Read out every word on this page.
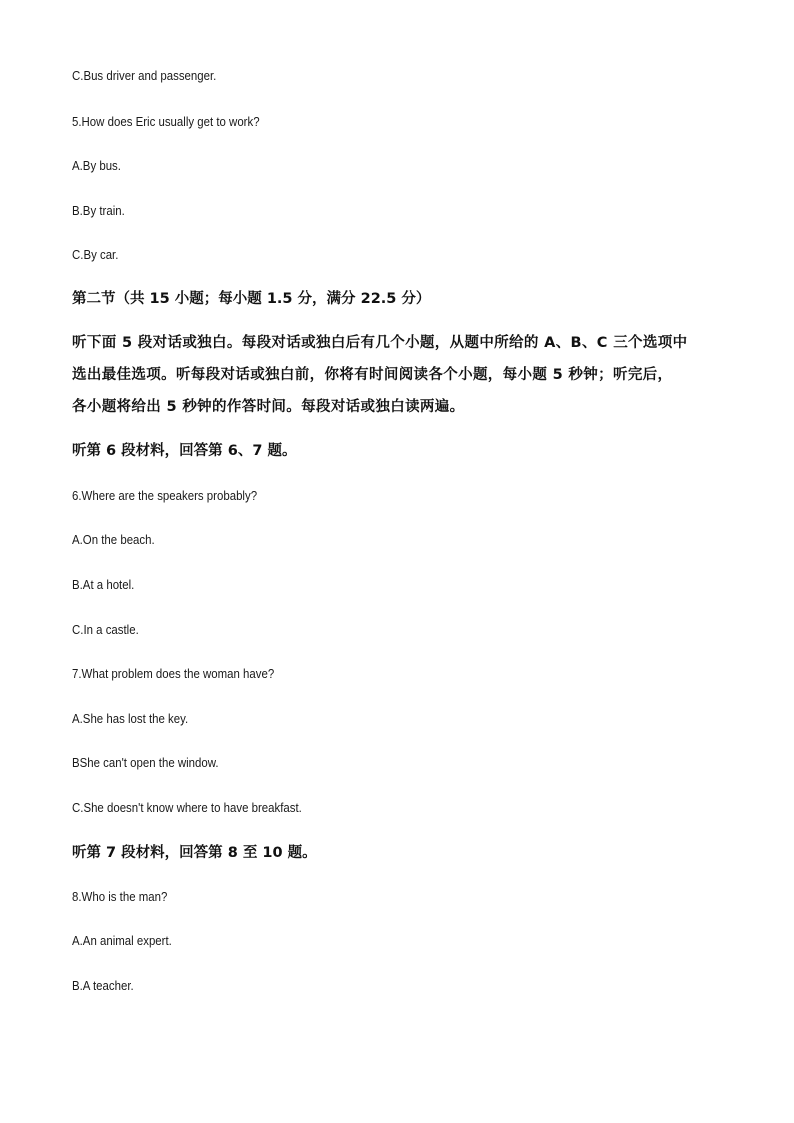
C.Bus driver and passenger.
5.How does Eric usually get to work?
A.By bus.
B.By train.
C.By car.
第二节（共 15 小题；每小题 1.5 分，满分 22.5 分）
听下面 5 段对话或独白。每段对话或独白后有几个小题，从题中所给的 A、B、C 三个选项中
选出最佳选项。听每段对话或独白前，你将有时间阅读各个小题，每小题 5 秒钟；听完后，
各小题将给出 5 秒钟的作答时间。每段对话或独白读两遍。
听第 6 段材料，回答第 6、7 题。
6.Where are the speakers probably?
A.On the beach.
B.At a hotel.
C.In a castle.
7.What problem does the woman have?
A.She has lost the key.
BShe can't open the window.
C.She doesn't know where to have breakfast.
听第 7 段材料，回答第 8 至 10 题。
8.Who is the man?
A.An animal expert.
B.A teacher.
